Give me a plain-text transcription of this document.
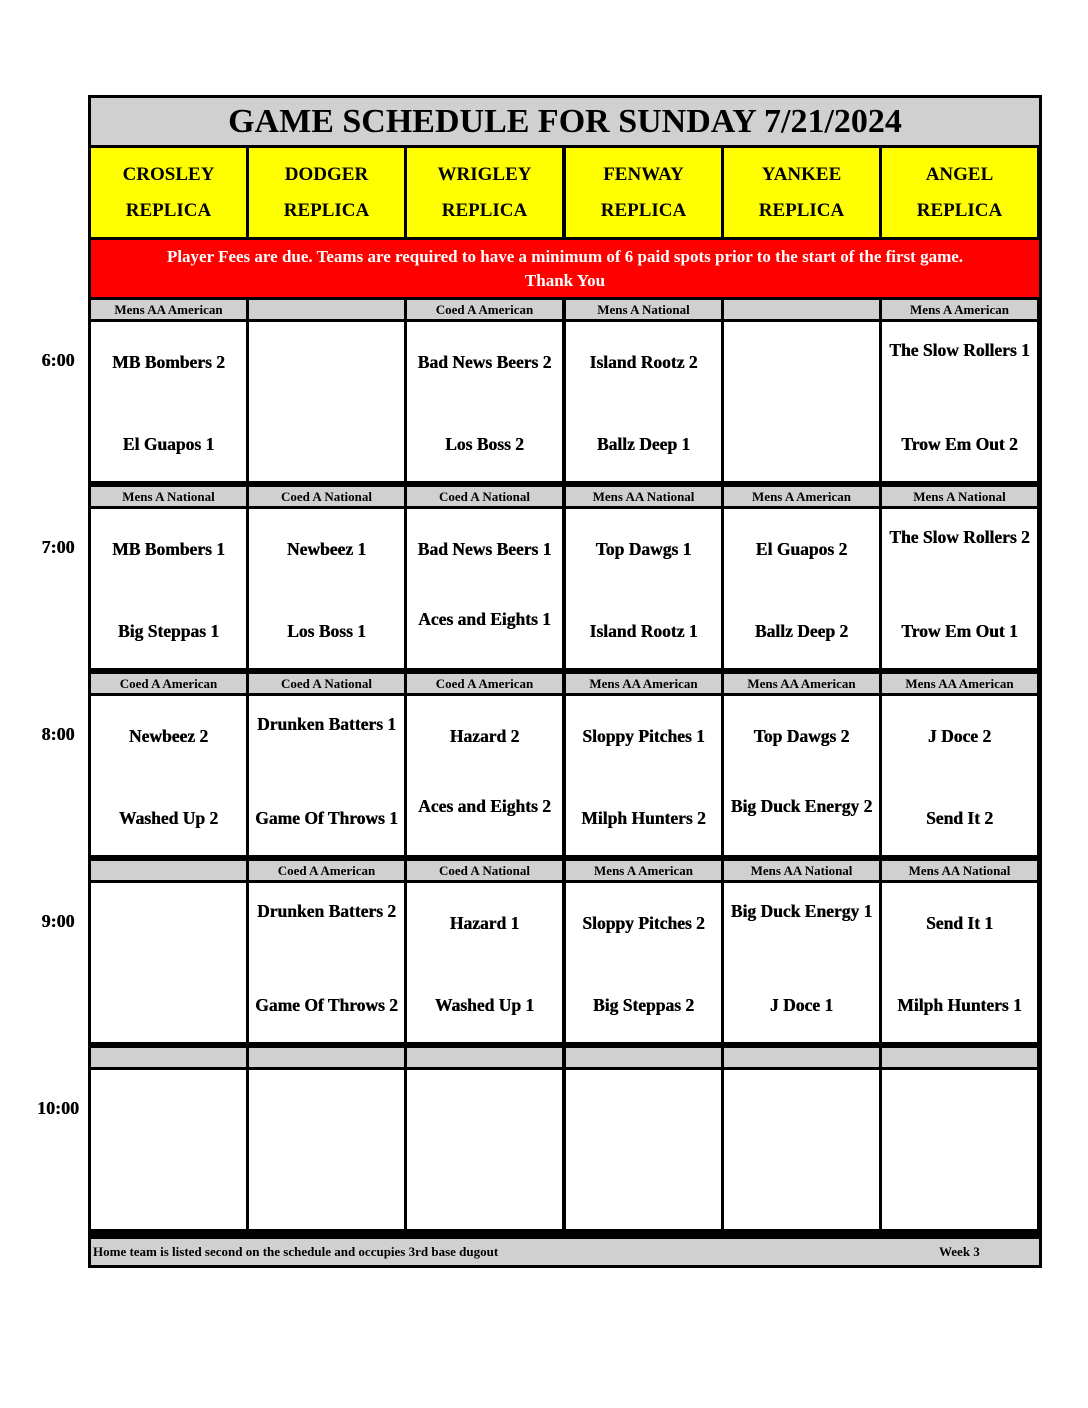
GAME SCHEDULE FOR SUNDAY 7/21/2024
Player Fees are due. Teams are required to have a minimum of 6 paid spots prior to the start of the first game.
Thank You
Home team is listed second on the schedule and occupies 3rd base dugout	Week 3
CROSLEY
REPLICA
DODGER
REPLICA
WRIGLEY
REPLICA
FENWAY
REPLICA
YANKEE
REPLICA
ANGEL
REPLICA
Mens AA American
MB Bombers 2
El Guapos 1
Coed A American
Bad News Beers 2
Los Boss 2
Mens A National
Island Rootz 2
Ballz Deep 1
Mens A American
The Slow Rollers 1
Trow Em Out 2
Mens A National
MB Bombers 1
Big Steppas 1
Coed A National
Newbeez 1
Los Boss 1
Coed A National
Bad News Beers 1
Aces and Eights 1
Mens AA National
Top Dawgs 1
Island Rootz 1
Mens A American
El Guapos 2
Ballz Deep 2
Mens A National
The Slow Rollers 2
Trow Em Out 1
Coed A American
Newbeez 2
Washed Up 2
Coed A National
Drunken Batters 1
Game Of Throws 1
Coed A American
Hazard 2
Aces and Eights 2
Mens AA American
Sloppy Pitches 1
Milph Hunters 2
Mens AA American
Top Dawgs 2
Big Duck Energy 2
Mens AA American
J Doce 2
Send It 2
Coed A American
Drunken Batters 2
Game Of Throws 2
Coed A National
Hazard 1
Washed Up 1
Mens A American
Sloppy Pitches 2
Big Steppas 2
Mens AA National
Big Duck Energy 1
J Doce 1
Mens AA National
Send It 1
Milph Hunters 1
6:00
7:00
8:00
9:00
10:00
